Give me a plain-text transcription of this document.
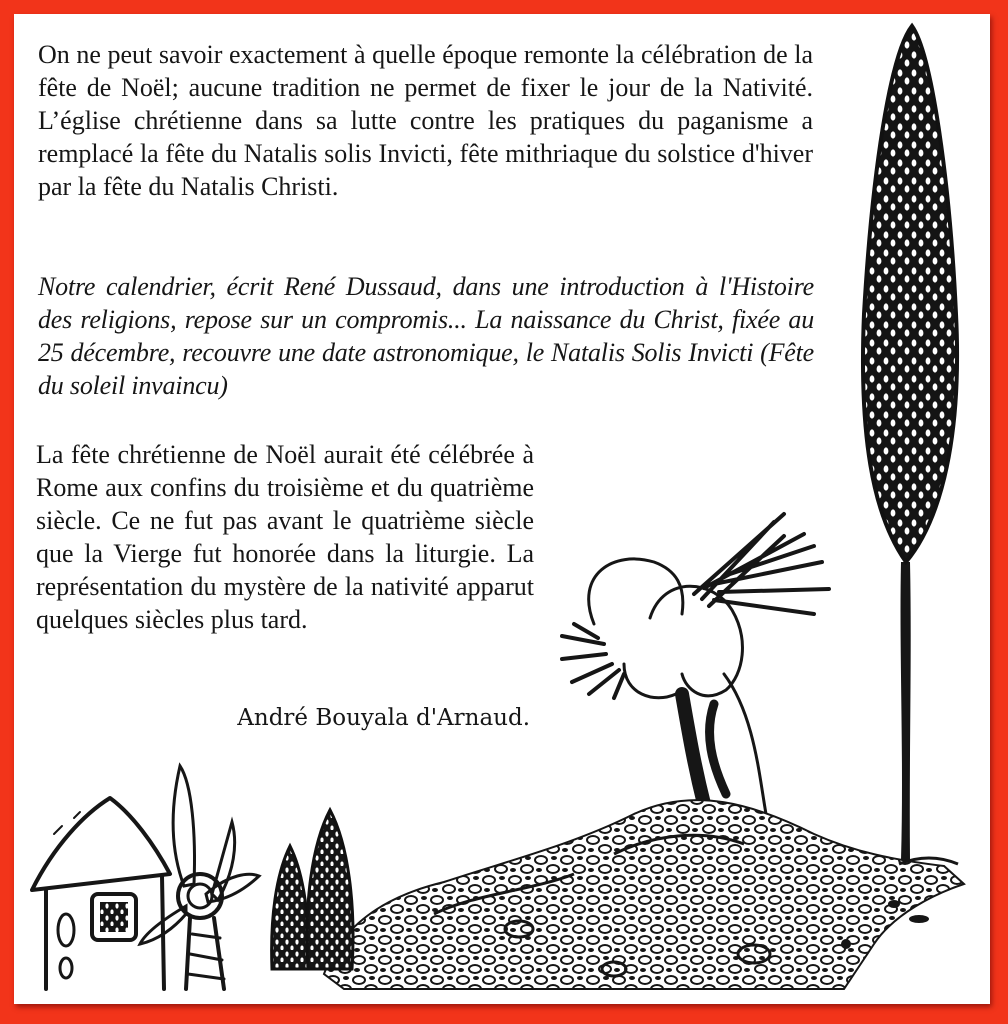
On ne peut savoir exactement à quelle époque remonte la célébration de la fête de Noël; aucune tradition ne permet de fixer le jour de la Nativité. L’église chrétienne dans sa lutte contre les pratiques du paganisme a remplacé la fête du Natalis solis Invicti, fête mithriaque du solstice d'hiver par la fête du Natalis Christi.

Notre calendrier, écrit René Dussaud, dans une introduction à l'Histoire des religions, repose sur un compromis... La naissance du Christ, fixée au 25 décembre, recouvre une date astronomique, le Natalis Solis Invicti (Fête du soleil invaincu)

La fête chrétienne de Noël aurait été célébrée à Rome aux confins du troisième et du quatrième siècle. Ce ne fut pas avant le quatrième siècle que la Vierge fut honorée dans la liturgie. La représentation du mystère de la nativité apparut quelques siècles plus tard.

André Bouyala d'Arnaud.
